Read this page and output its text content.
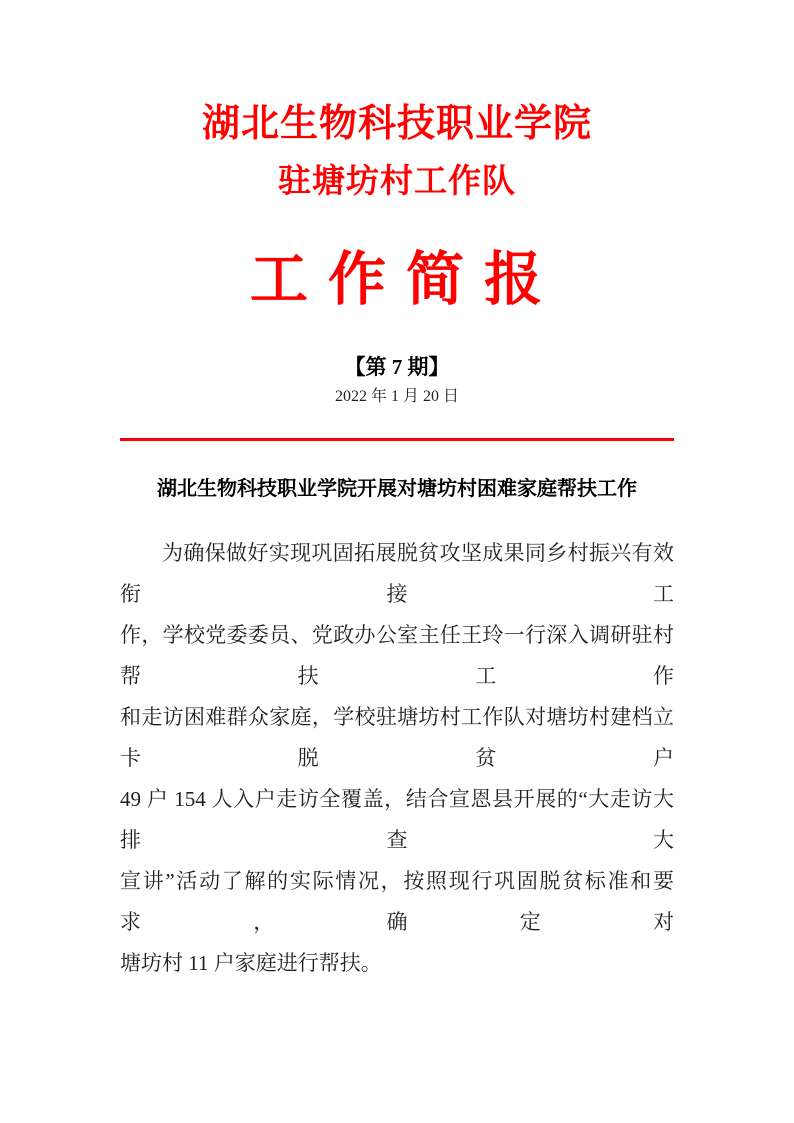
湖北生物科技职业学院
驻塘坊村工作队
工 作 简 报
【第 7 期】
2022 年 1 月 20 日
湖北生物科技职业学院开展对塘坊村困难家庭帮扶工作
为确保做好实现巩固拓展脱贫攻坚成果同乡村振兴有效衔接工
作，学校党委委员、党政办公室主任王玲一行深入调研驻村帮扶工作
和走访困难群众家庭，学校驻塘坊村工作队对塘坊村建档立卡脱贫户
49 户 154 人入户走访全覆盖，结合宣恩县开展的“大走访大排查大
宣讲”活动了解的实际情况，按照现行巩固脱贫标准和要求，确定对
塘坊村 11 户家庭进行帮扶。
